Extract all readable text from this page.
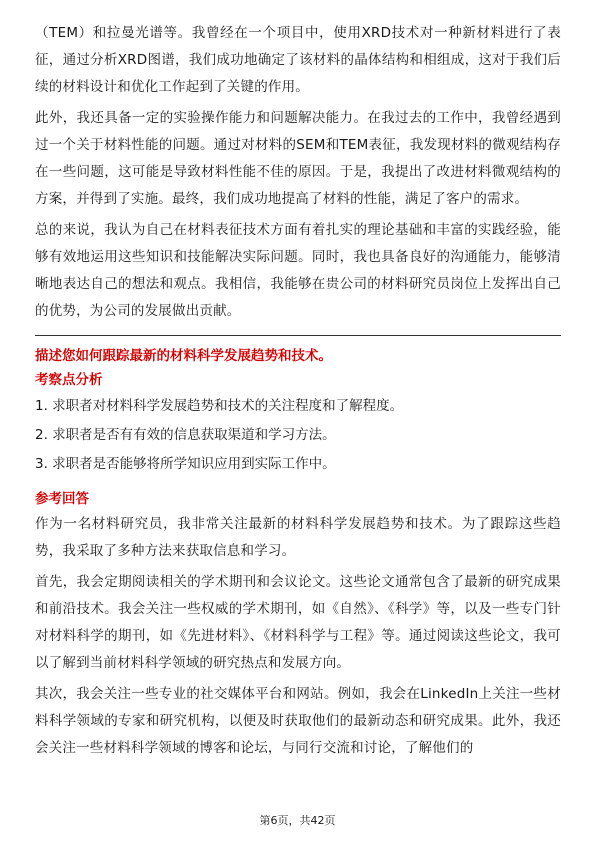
（TEM）和拉曼光谱等。我曾经在一个项目中，使用XRD技术对一种新材料进行了表征，通过分析XRD图谱，我们成功地确定了该材料的晶体结构和相组成，这对于我们后续的材料设计和优化工作起到了关键的作用。

此外，我还具备一定的实验操作能力和问题解决能力。在我过去的工作中，我曾经遇到过一个关于材料性能的问题。通过对材料的SEM和TEM表征，我发现材料的微观结构存在一些问题，这可能是导致材料性能不佳的原因。于是，我提出了改进材料微观结构的方案，并得到了实施。最终，我们成功地提高了材料的性能，满足了客户的需求。

总的来说，我认为自己在材料表征技术方面有着扎实的理论基础和丰富的实践经验，能够有效地运用这些知识和技能解决实际问题。同时，我也具备良好的沟通能力，能够清晰地表达自己的想法和观点。我相信，我能够在贵公司的材料研究员岗位上发挥出自己的优势，为公司的发展做出贡献。

描述您如何跟踪最新的材料科学发展趋势和技术。

考察点分析

1. 求职者对材料科学发展趋势和技术的关注程度和了解程度。

2. 求职者是否有有效的信息获取渠道和学习方法。

3. 求职者是否能够将所学知识应用到实际工作中。

参考回答

作为一名材料研究员，我非常关注最新的材料科学发展趋势和技术。为了跟踪这些趋势，我采取了多种方法来获取信息和学习。

首先，我会定期阅读相关的学术期刊和会议论文。这些论文通常包含了最新的研究成果和前沿技术。我会关注一些权威的学术期刊，如《自然》、《科学》等，以及一些专门针对材料科学的期刊，如《先进材料》、《材料科学与工程》等。通过阅读这些论文，我可以了解到当前材料科学领域的研究热点和发展方向。

其次，我会关注一些专业的社交媒体平台和网站。例如，我会在LinkedIn上关注一些材料科学领域的专家和研究机构，以便及时获取他们的最新动态和研究成果。此外，我还会关注一些材料科学领域的博客和论坛，与同行交流和讨论，了解他们的

第6页，共42页
